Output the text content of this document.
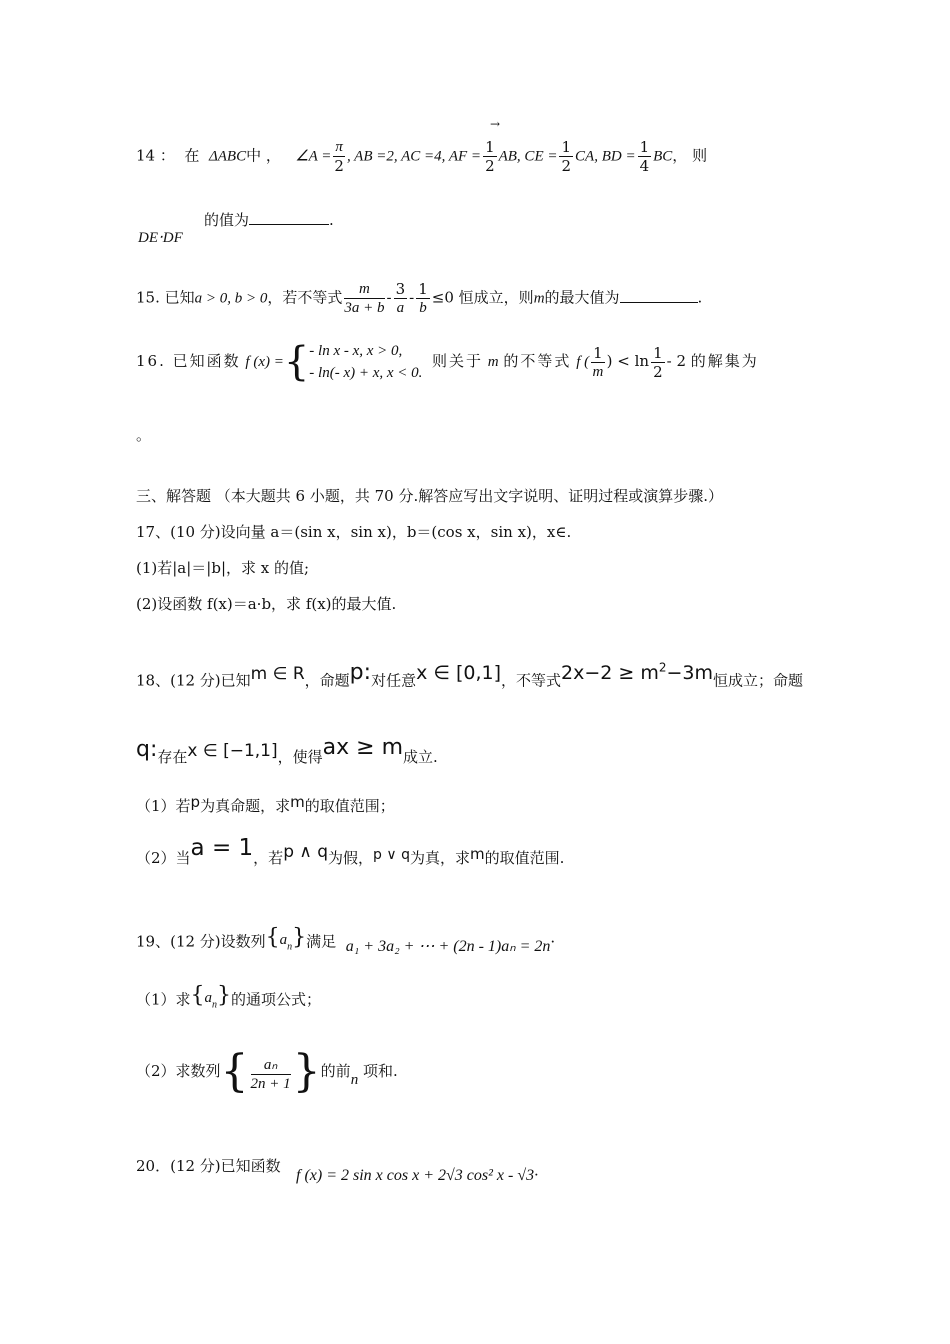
14 ： 在 ΔABC中 ， ∠A = $\frac{\pi}{2}$ , AB =2, AC =4, AF = $\frac{1}{2}$ AB, CE = $\frac{1}{2}$ CA, BD = $\frac{1}{4}$ BC， 则
→
的值为	.
DE⋅DF
15. 已知a > 0, b > 0，若不等式 $\frac{m}{3a + b} - \frac{3}{a} - \frac{1}{b} \le 0$ 恒成立，则m的最大值为	.
16. 已知函数 f (x) ={ - ln x - x, x > 0,
- ln(- x) + x, x < 0.
则关于 m 的不等式 f ( $\frac{1}{m}$ ) < $\ln \frac{1}{2} - 2$ 的解集为
。
三、解答题 （本大题共 6 小题，共 70 分.解答应写出文字说明、证明过程或演算步骤.）
17、(10 分)设向量 a＝(sin x，sin x)，b＝(cos x，sin x)，x∈.
(1)若|a|＝|b|，求 x 的值;
(2)设函数 f(x)＝a·b，求 f(x)的最大值.
18、(12 分)已知m ∈ R，命题p:对任意x ∈ [0,1]，不等式$2x-2 \ge m^2-3m$恒成立；命题
q:存在x ∈ [−1,1]，使得ax ≥ m成立.
（1）若p为真命题，求m的取值范围；
（2）当a = 1，若p ∧ q为假，p ∨ q为真，求m的取值范围.
19、(12 分)设数列$\{a_n\}$满足 a₁ + 3a₂ + ⋯ + (2n - 1)aₙ = 2n·
（1）求$\{a_n\}$的通项公式；
（2）求数列{ $\frac{\text{aₙ}}{2n + 1}$ }的前n 项和.
20．(12 分)已知函数
f (x) = 2 sin x cos x + 2√3 cos² x - √3·
